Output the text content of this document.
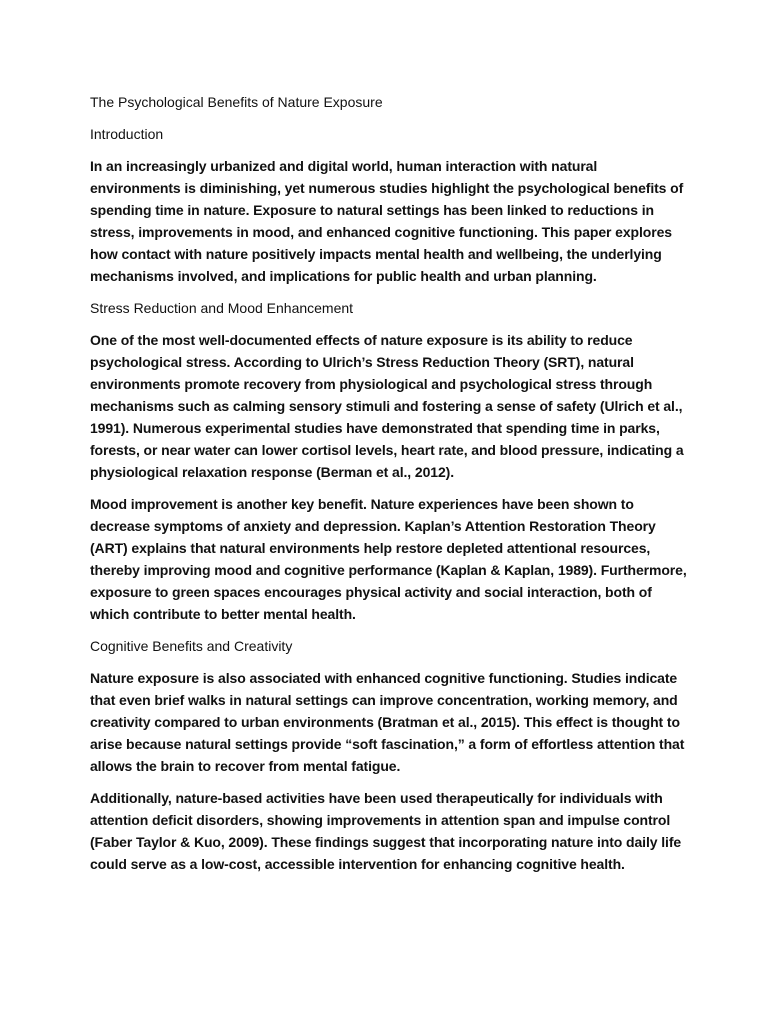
The Psychological Benefits of Nature Exposure
Introduction

In an increasingly urbanized and digital world, human interaction with natural environments is diminishing, yet numerous studies highlight the psychological benefits of spending time in nature. Exposure to natural settings has been linked to reductions in stress, improvements in mood, and enhanced cognitive functioning. This paper explores how contact with nature positively impacts mental health and wellbeing, the underlying mechanisms involved, and implications for public health and urban planning.

Stress Reduction and Mood Enhancement

One of the most well-documented effects of nature exposure is its ability to reduce psychological stress. According to Ulrich’s Stress Reduction Theory (SRT), natural environments promote recovery from physiological and psychological stress through mechanisms such as calming sensory stimuli and fostering a sense of safety (Ulrich et al., 1991). Numerous experimental studies have demonstrated that spending time in parks, forests, or near water can lower cortisol levels, heart rate, and blood pressure, indicating a physiological relaxation response (Berman et al., 2012).

Mood improvement is another key benefit. Nature experiences have been shown to decrease symptoms of anxiety and depression. Kaplan’s Attention Restoration Theory (ART) explains that natural environments help restore depleted attentional resources, thereby improving mood and cognitive performance (Kaplan & Kaplan, 1989). Furthermore, exposure to green spaces encourages physical activity and social interaction, both of which contribute to better mental health.

Cognitive Benefits and Creativity

Nature exposure is also associated with enhanced cognitive functioning. Studies indicate that even brief walks in natural settings can improve concentration, working memory, and creativity compared to urban environments (Bratman et al., 2015). This effect is thought to arise because natural settings provide “soft fascination,” a form of effortless attention that allows the brain to recover from mental fatigue.

Additionally, nature-based activities have been used therapeutically for individuals with attention deficit disorders, showing improvements in attention span and impulse control (Faber Taylor & Kuo, 2009). These findings suggest that incorporating nature into daily life could serve as a low-cost, accessible intervention for enhancing cognitive health.
